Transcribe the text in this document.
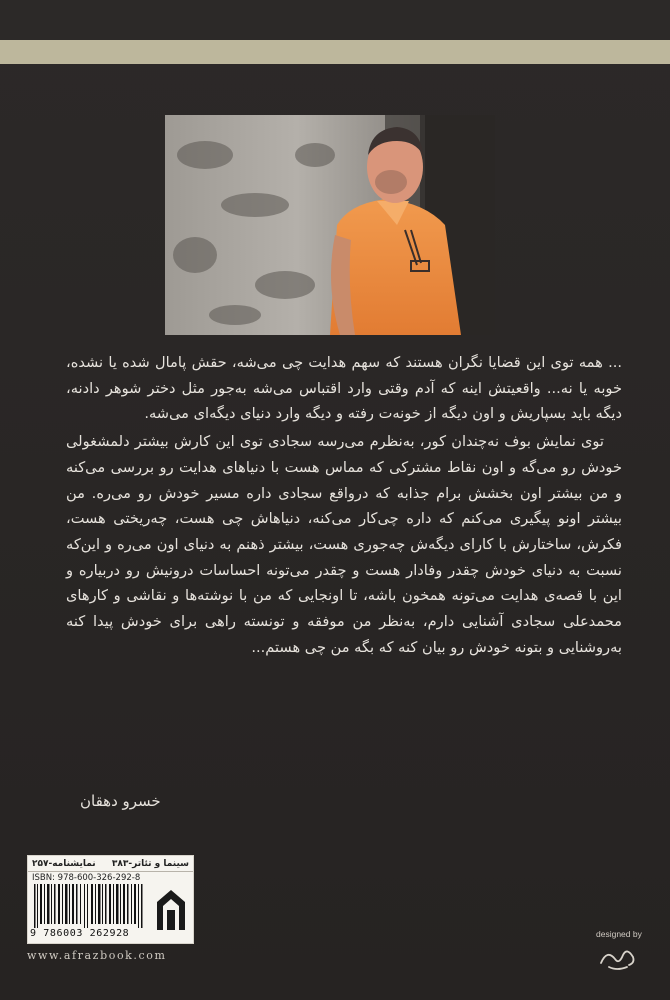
... همه توی این قضایا نگران هستند که سهم هدایت چی می‌شه، حقش پامال شده یا نشده، خوبه یا نه... واقعیتش اینه که آدم وقتی وارد اقتباس می‌شه به‌جور مثل دختر شوهر دادنه، دیگه باید بسپاریش و اون دیگه از خونه‌ت رفته و دیگه وارد دنیای دیگه‌ای می‌شه.

توی نمایش بوف نه‌چندان کور، به‌نظرم می‌رسه سجادی توی این کارش بیشتر دلمشغولی خودش رو می‌گه و اون نقاط مشترکی که مماس هست با دنیاهای هدایت رو بررسی می‌کنه و من بیشتر اون بخشش برام جذابه که درواقع سجادی داره مسیر خودش رو می‌ره. من بیشتر اونو پیگیری می‌کنم که داره چی‌کار می‌کنه، دنیاهاش چی هست، چه‌ریختی هست، فکرش، ساختارش با کارای دیگه‌ش چه‌جوری هست، بیشتر ذهنم به دنیای اون می‌ره و این‌که نسبت به دنیای خودش چقدر وفادار هست و چقدر می‌تونه احساسات درونیش رو دربیاره و این با قصه‌ی هدایت می‌تونه همخون باشه، تا اونجایی که من با نوشته‌ها و نقاشی و کارهای محمدعلی سجادی آشنایی دارم، به‌نظر من موفقه و تونسته راهی برای خودش پیدا کنه به‌روشنایی و بتونه خودش رو بیان کنه که بگه من چی هستم...

خسرو دهقان
سینما و تئاتر-۳۸۳
نمایشنامه-۲۵۷
ISBN: 978-600-326-292-8
9 786003 262928
www.afrazbook.com
designed by
